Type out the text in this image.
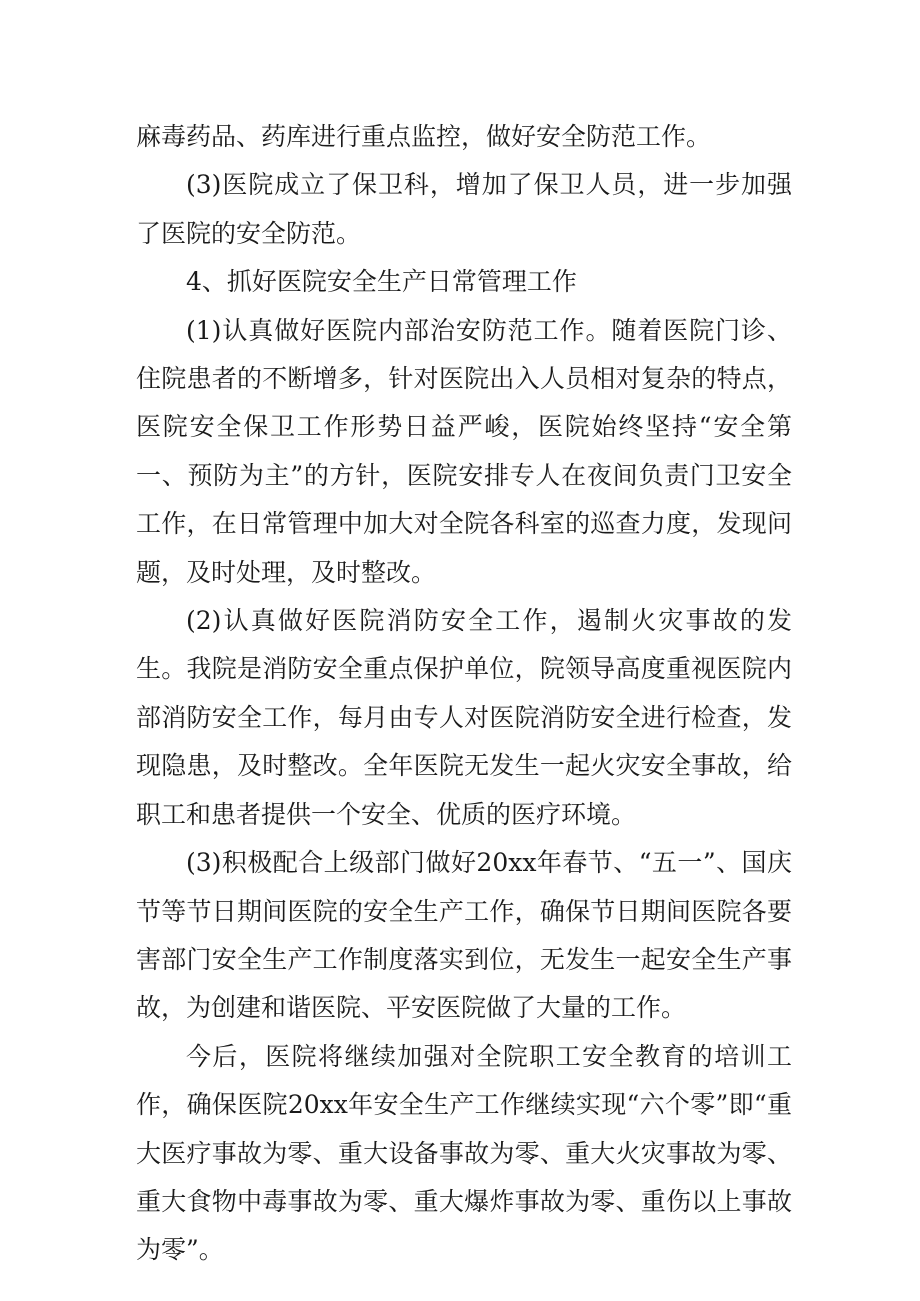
麻毒药品、药库进行重点监控，做好安全防范工作。

(3)医院成立了保卫科，增加了保卫人员，进一步加强了医院的安全防范。

4、抓好医院安全生产日常管理工作

(1)认真做好医院内部治安防范工作。随着医院门诊、住院患者的不断增多，针对医院出入人员相对复杂的特点，医院安全保卫工作形势日益严峻，医院始终坚持“安全第一、预防为主”的方针，医院安排专人在夜间负责门卫安全工作，在日常管理中加大对全院各科室的巡查力度，发现问题，及时处理，及时整改。

(2)认真做好医院消防安全工作，遏制火灾事故的发生。我院是消防安全重点保护单位，院领导高度重视医院内部消防安全工作，每月由专人对医院消防安全进行检查，发现隐患，及时整改。全年医院无发生一起火灾安全事故，给职工和患者提供一个安全、优质的医疗环境。

(3)积极配合上级部门做好20xx年春节、“五一”、国庆节等节日期间医院的安全生产工作，确保节日期间医院各要害部门安全生产工作制度落实到位，无发生一起安全生产事故，为创建和谐医院、平安医院做了大量的工作。

今后，医院将继续加强对全院职工安全教育的培训工作，确保医院20xx年安全生产工作继续实现“六个零”即“重大医疗事故为零、重大设备事故为零、重大火灾事故为零、重大食物中毒事故为零、重大爆炸事故为零、重伤以上事故为零”。
